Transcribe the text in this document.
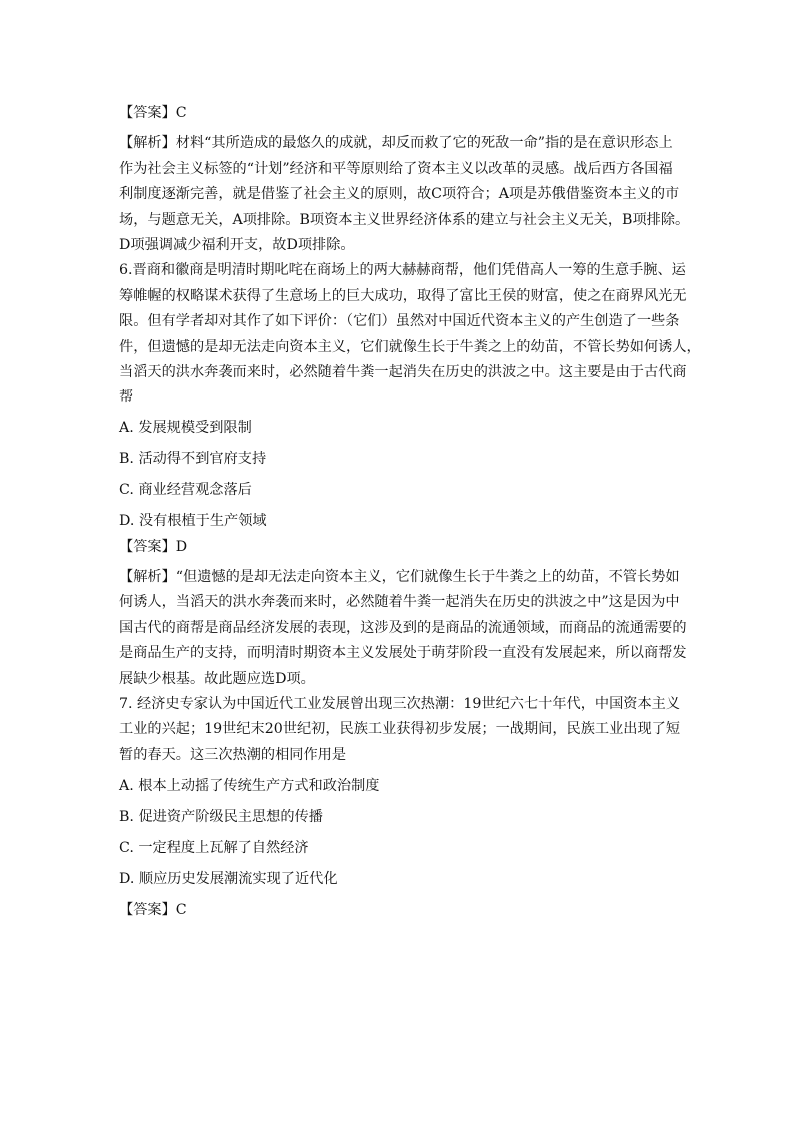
【答案】C

【解析】材料“其所造成的最悠久的成就，却反而救了它的死敌一命”指的是在意识形态上

作为社会主义标签的“计划”经济和平等原则给了资本主义以改革的灵感。战后西方各国福

利制度逐渐完善，就是借鉴了社会主义的原则，故C项符合；A项是苏俄借鉴资本主义的市

场，与题意无关，A项排除。B项资本主义世界经济体系的建立与社会主义无关，B项排除。

D项强调减少福利开支，故D项排除。

6.晋商和徽商是明清时期叱咤在商场上的两大赫赫商帮，他们凭借高人一筹的生意手腕、运

筹帷幄的权略谋术获得了生意场上的巨大成功，取得了富比王侯的财富，使之在商界风光无

限。但有学者却对其作了如下评价：（它们）虽然对中国近代资本主义的产生创造了一些条

件，但遗憾的是却无法走向资本主义，它们就像生长于牛粪之上的幼苗，不管长势如何诱人，

当滔天的洪水奔袭而来时，必然随着牛粪一起消失在历史的洪波之中。这主要是由于古代商

帮

A. 发展规模受到限制

B. 活动得不到官府支持

C. 商业经营观念落后

D. 没有根植于生产领域

【答案】D

【解析】“但遗憾的是却无法走向资本主义，它们就像生长于牛粪之上的幼苗，不管长势如

何诱人，当滔天的洪水奔袭而来时，必然随着牛粪一起消失在历史的洪波之中”这是因为中

国古代的商帮是商品经济发展的表现，这涉及到的是商品的流通领域，而商品的流通需要的

是商品生产的支持，而明清时期资本主义发展处于萌芽阶段一直没有发展起来，所以商帮发

展缺少根基。故此题应选D项。

7. 经济史专家认为中国近代工业发展曾出现三次热潮：19世纪六七十年代，中国资本主义

工业的兴起；19世纪末20世纪初，民族工业获得初步发展；一战期间，民族工业出现了短

暂的春天。这三次热潮的相同作用是

A. 根本上动摇了传统生产方式和政治制度

B. 促进资产阶级民主思想的传播

C. 一定程度上瓦解了自然经济

D. 顺应历史发展潮流实现了近代化

【答案】C
